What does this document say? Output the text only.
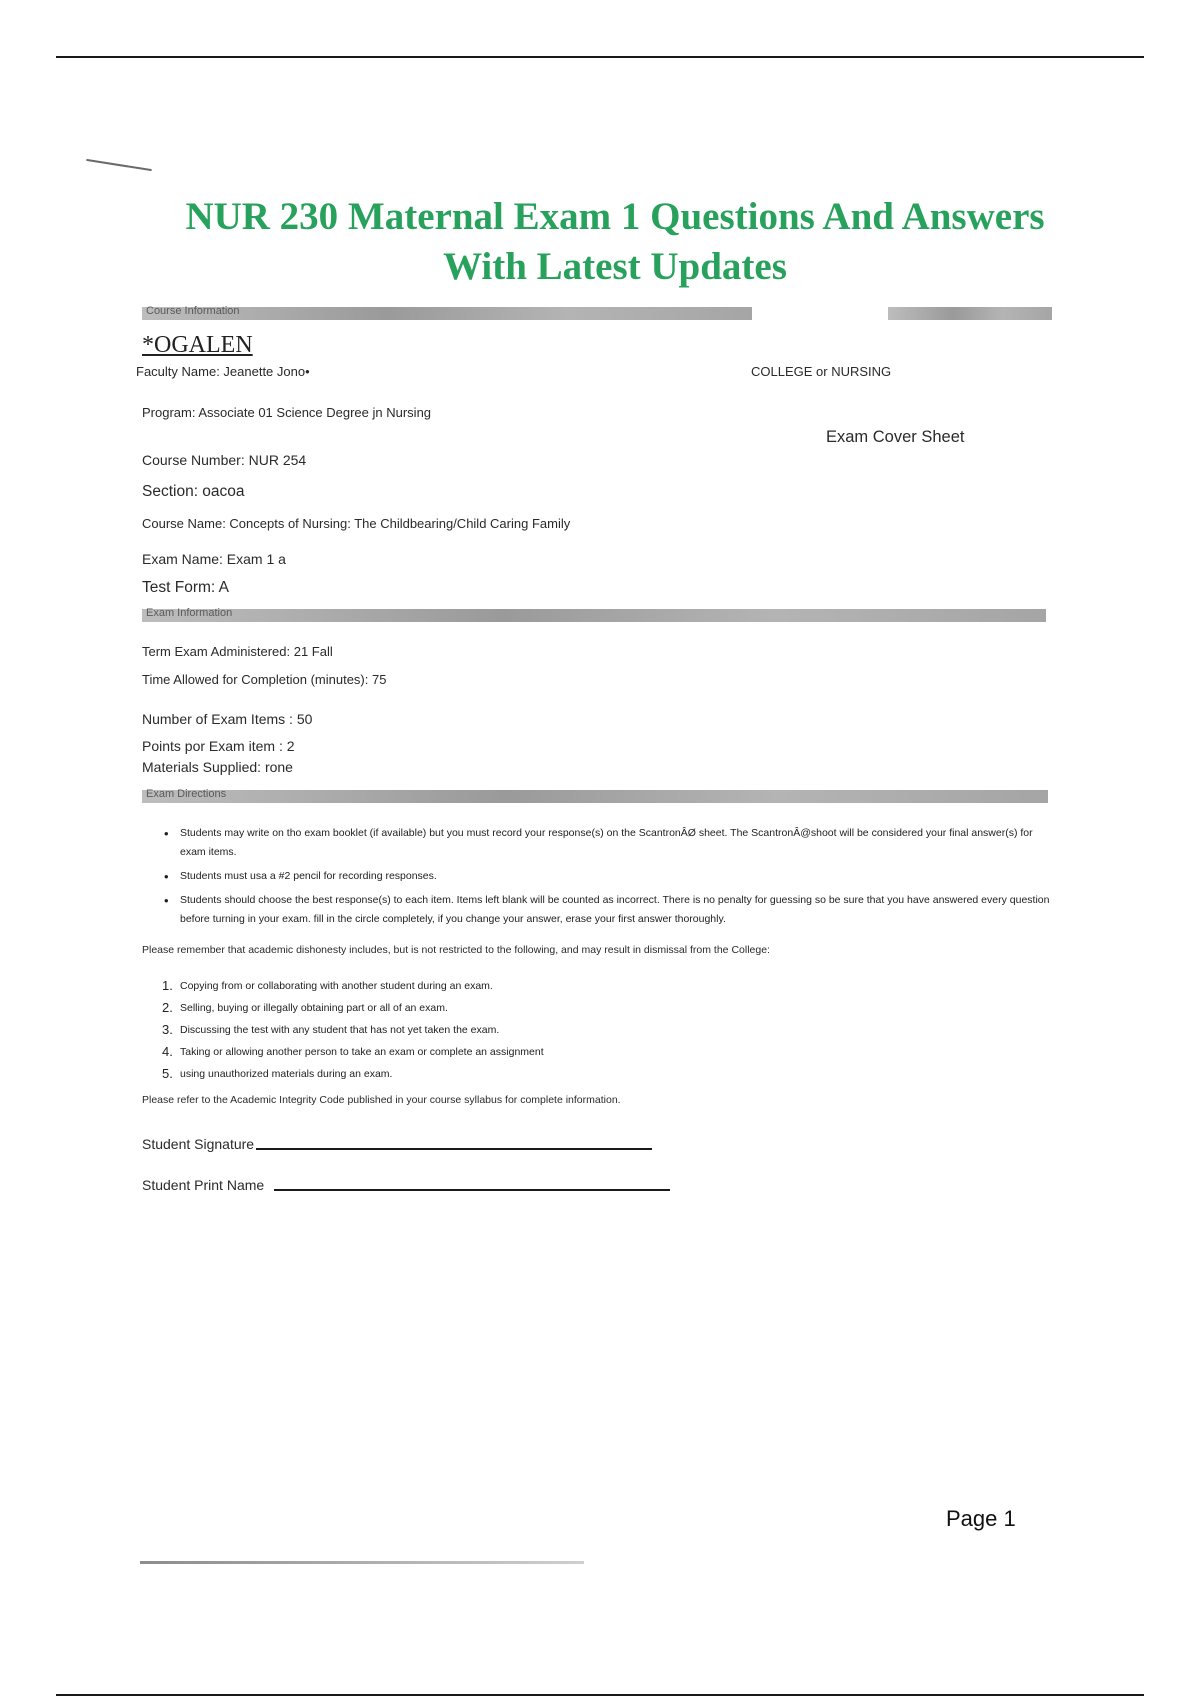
NUR 230 Maternal Exam 1 Questions And Answers
With Latest Updates
Course Information
*OGALEN
Faculty Name: Jeanette Jono•	COLLEGE or NURSING
Program: Associate 01 Science Degree jn Nursing
Exam Cover Sheet
Course Number: NUR 254
Section: oacoa
Course Name: Concepts of Nursing: The Childbearing/Child Caring Family
Exam Name: Exam 1 a
Test Form: A
Exam Information
Term Exam Administered: 21 Fall
Time Allowed for Completion (minutes): 75
Number of Exam Items : 50
Points por Exam item : 2
Materials Supplied: rone
Exam Directions
• Students may write on tho exam booklet (if available) but you must record your response(s) on the ScantronÂØ sheet. The ScantronÂ@shoot will be considered your final answer(s) for exam items.
• Students must usa a #2 pencil for recording responses.
• Students should choose the best response(s) to each item. Items left blank will be counted as incorrect. There is no penalty for guessing so be sure that you have answered every question before turning in your exam. fill in the circle completely, if you change your answer, erase your first answer thoroughly.
Please remember that academic dishonesty includes, but is not restricted to the following, and may result in dismissal from the College:
1. Copying from or collaborating with another student during an exam.
2. Selling, buying or illegally obtaining part or all of an exam.
3. Discussing the test with any student that has not yet taken the exam.
4. Taking or allowing another person to take an exam or complete an assignment
5. using unauthorized materials during an exam.
Please refer to the Academic Integrity Code published in your course syllabus for complete information.
Student Signature
Student Print Name
Page 1
